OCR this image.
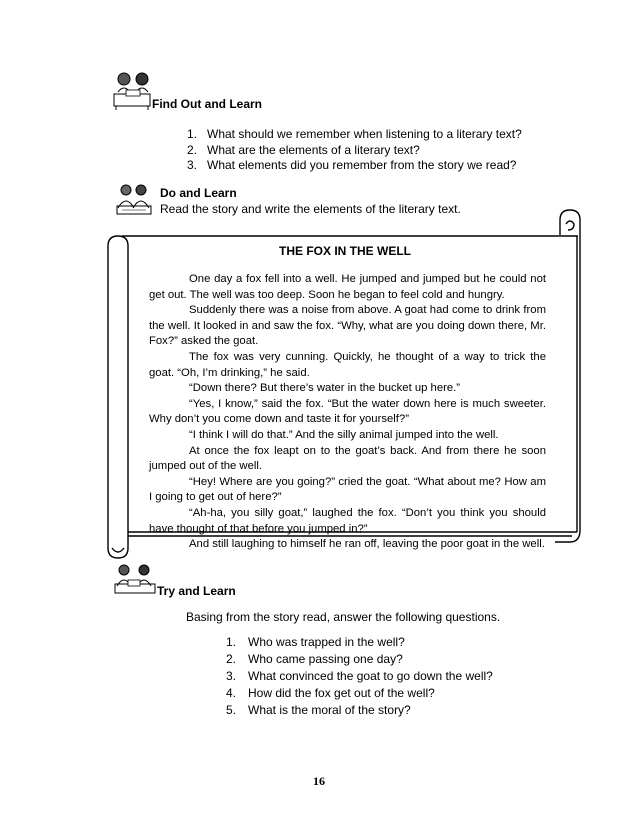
Find Out and Learn
1. What should we remember when listening to a literary text?
2. What are the elements of a literary text?
3. What elements did you remember from the story we read?
Do and Learn
Read the story and write the elements of the literary text.
THE FOX IN THE WELL

One day a fox fell into a well. He jumped and jumped but he could not get out. The well was too deep. Soon he began to feel cold and hungry.

Suddenly there was a noise from above. A goat had come to drink from the well. It looked in and saw the fox. “Why, what are you doing down there, Mr. Fox?” asked the goat.

The fox was very cunning. Quickly, he thought of a way to trick the goat. “Oh, I’m drinking,” he said.

“Down there? But there’s water in the bucket up here.”

“Yes, I know,” said the fox. “But the water down here is much sweeter. Why don’t you come down and taste it for yourself?”

“I think I will do that.” And the silly animal jumped into the well.

At once the fox leapt on to the goat’s back. And from there he soon jumped out of the well.

“Hey! Where are you going?” cried the goat. “What about me? How am I going to get out of here?”

“Ah-ha, you silly goat,” laughed the fox. “Don’t you think you should have thought of that before you jumped in?”

And still laughing to himself he ran off, leaving the poor goat in the well.

Try and Learn
Basing from the story read, answer the following questions.
1. Who was trapped in the well?
2. Who came passing one day?
3. What convinced the goat to go down the well?
4. How did the fox get out of the well?
5. What is the moral of the story?
16
